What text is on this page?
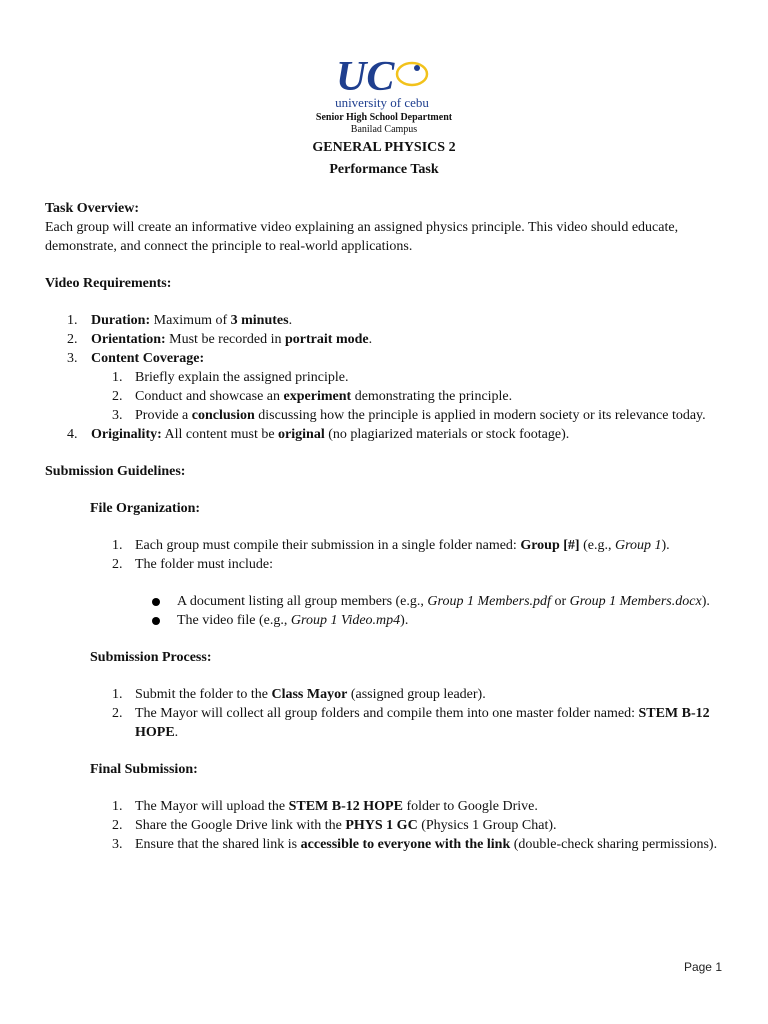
UC
university of cebu
Senior High School Department
Banilad Campus
GENERAL PHYSICS 2
Performance Task

Task Overview:

Each group will create an informative video explaining an assigned physics principle. This video should educate, demonstrate, and connect the principle to real-world applications.

Video Requirements:

1. Duration: Maximum of 3 minutes.
2. Orientation: Must be recorded in portrait mode.
3. Content Coverage:
1. Briefly explain the assigned principle.
2. Conduct and showcase an experiment demonstrating the principle.
3. Provide a conclusion discussing how the principle is applied in modern society or its relevance today.
4. Originality: All content must be original (no plagiarized materials or stock footage).

Submission Guidelines:

File Organization:

1. Each group must compile their submission in a single folder named: Group [#] (e.g., Group 1).
2. The folder must include:
A document listing all group members (e.g., Group 1 Members.pdf or Group 1 Members.docx).
The video file (e.g., Group 1 Video.mp4).

Submission Process:

1. Submit the folder to the Class Mayor (assigned group leader).
2. The Mayor will collect all group folders and compile them into one master folder named: STEM B-12 HOPE.

Final Submission:

1. The Mayor will upload the STEM B-12 HOPE folder to Google Drive.
2. Share the Google Drive link with the PHYS 1 GC (Physics 1 Group Chat).
3. Ensure that the shared link is accessible to everyone with the link (double-check sharing permissions).
Page 1
